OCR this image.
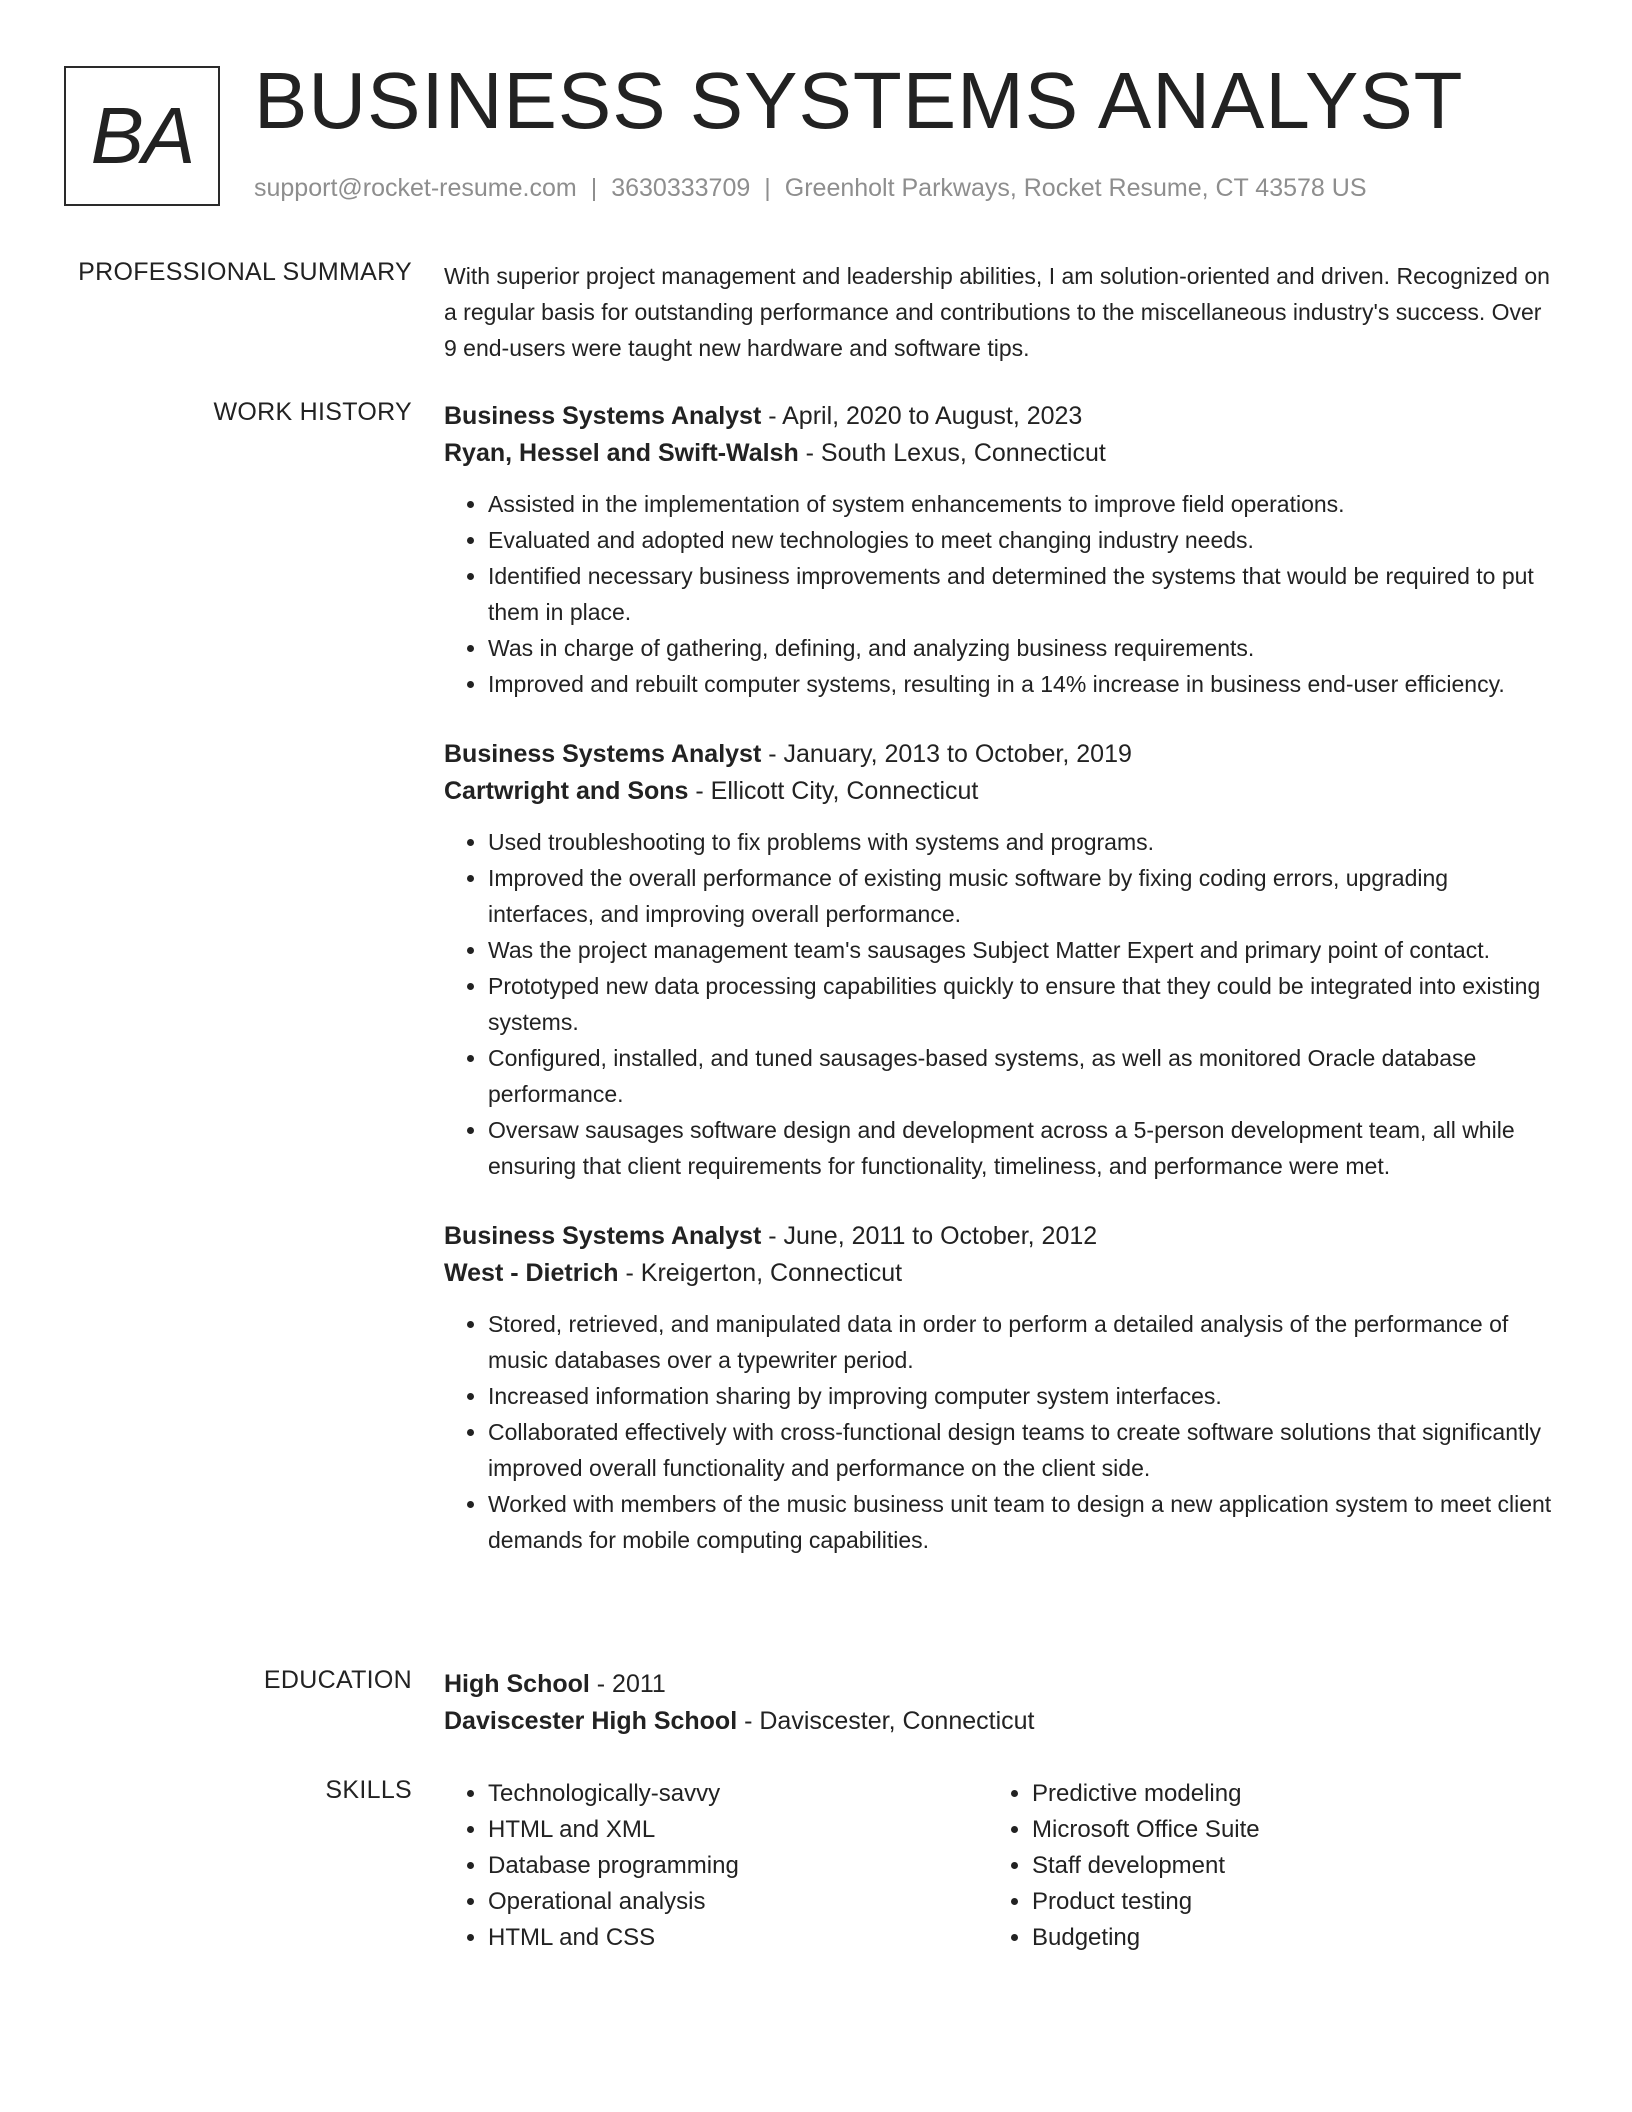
BA BUSINESS SYSTEMS ANALYST
support@rocket-resume.com | 3630333709 | Greenholt Parkways, Rocket Resume, CT 43578 US
PROFESSIONAL SUMMARY With superior project management and leadership abilities, I am solution-oriented and driven. Recognized on a regular basis for outstanding performance and contributions to the miscellaneous industry's success. Over 9 end-users were taught new hardware and software tips.

WORK HISTORY Business Systems Analyst - April, 2020 to August, 2023

Ryan, Hessel and Swift-Walsh - South Lexus, Connecticut

• Assisted in the implementation of system enhancements to improve field operations.
• Evaluated and adopted new technologies to meet changing industry needs.
• Identified necessary business improvements and determined the systems that would be required to put them in place.
• Was in charge of gathering, defining, and analyzing business requirements.
• Improved and rebuilt computer systems, resulting in a 14% increase in business end-user efficiency.

Business Systems Analyst - January, 2013 to October, 2019

Cartwright and Sons - Ellicott City, Connecticut

• Used troubleshooting to fix problems with systems and programs.
• Improved the overall performance of existing music software by fixing coding errors, upgrading interfaces, and improving overall performance.
• Was the project management team's sausages Subject Matter Expert and primary point of contact.
• Prototyped new data processing capabilities quickly to ensure that they could be integrated into existing systems.
• Configured, installed, and tuned sausages-based systems, as well as monitored Oracle database performance.
• Oversaw sausages software design and development across a 5-person development team, all while ensuring that client requirements for functionality, timeliness, and performance were met.

Business Systems Analyst - June, 2011 to October, 2012

West - Dietrich - Kreigerton, Connecticut

• Stored, retrieved, and manipulated data in order to perform a detailed analysis of the performance of music databases over a typewriter period.
• Increased information sharing by improving computer system interfaces.
• Collaborated effectively with cross-functional design teams to create software solutions that significantly improved overall functionality and performance on the client side.
• Worked with members of the music business unit team to design a new application system to meet client demands for mobile computing capabilities.
EDUCATION High School - 2011

Daviscester High School - Daviscester, Connecticut

SKILLS
•	Technologically-savvy
• HTML and XML
• Database programming
• Operational analysis
• HTML and CSS
• Predictive modeling
• Microsoft Office Suite
• Staff development
• Product testing
• Budgeting
